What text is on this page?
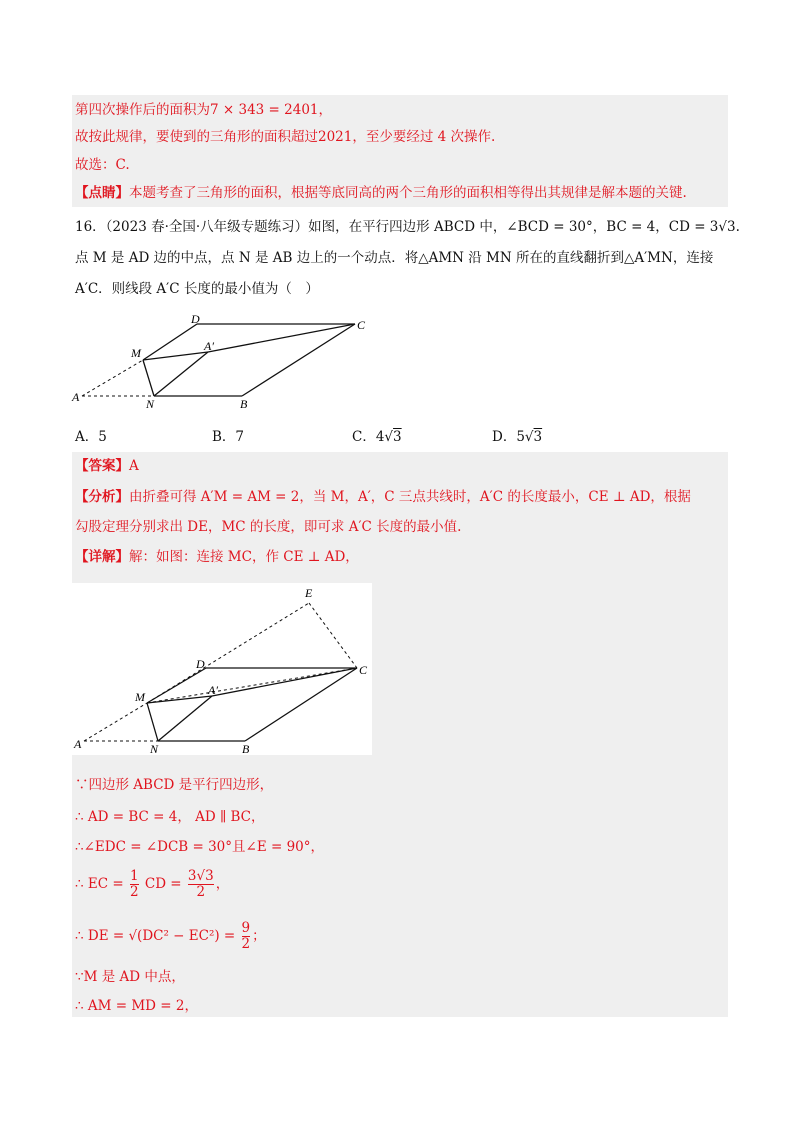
第四次操作后的面积为7 × 343 = 2401，
故按此规律，要使到的三角形的面积超过2021，至少要经过 4 次操作.
故选：C.
【点睛】本题考查了三角形的面积，根据等底同高的两个三角形的面积相等得出其规律是解本题的关键.
16．（2023 春·全国·八年级专题练习）如图，在平行四边形 ABCD 中，∠BCD = 30°，BC = 4，CD = 3√3.
点 M 是 AD 边的中点，点 N 是 AB 边上的一个动点．将△AMN 沿 MN 所在的直线翻折到△A′MN，连接
A′C．则线段 A′C 长度的最小值为（　）
D	C
M	A′
A	N	B
A．5	B．7	C．4√3	D．5√3
【答案】A
【分析】由折叠可得 A′M = AM = 2，当 M，A′，C 三点共线时，A′C 的长度最小，CE ⊥ AD，根据
勾股定理分别求出 DE，MC 的长度，即可求 A′C 长度的最小值.
【详解】解：如图：连接 MC，作 CE ⊥ AD，
E
D	C
M	A′
A	N	B
∵四边形 ABCD 是平行四边形，
∴ AD = BC = 4， AD ∥ BC，
∴∠EDC = ∠DCB = 30°且∠E = 90°，
∴ EC = $\frac{1}{2}$ CD = $\frac{3√3}{2}$ ，
∴ DE = $√(DC^2 - EC^2) = \frac{9}{2}$ ；
∵M 是 AD 中点，
∴ AM = MD = 2，
